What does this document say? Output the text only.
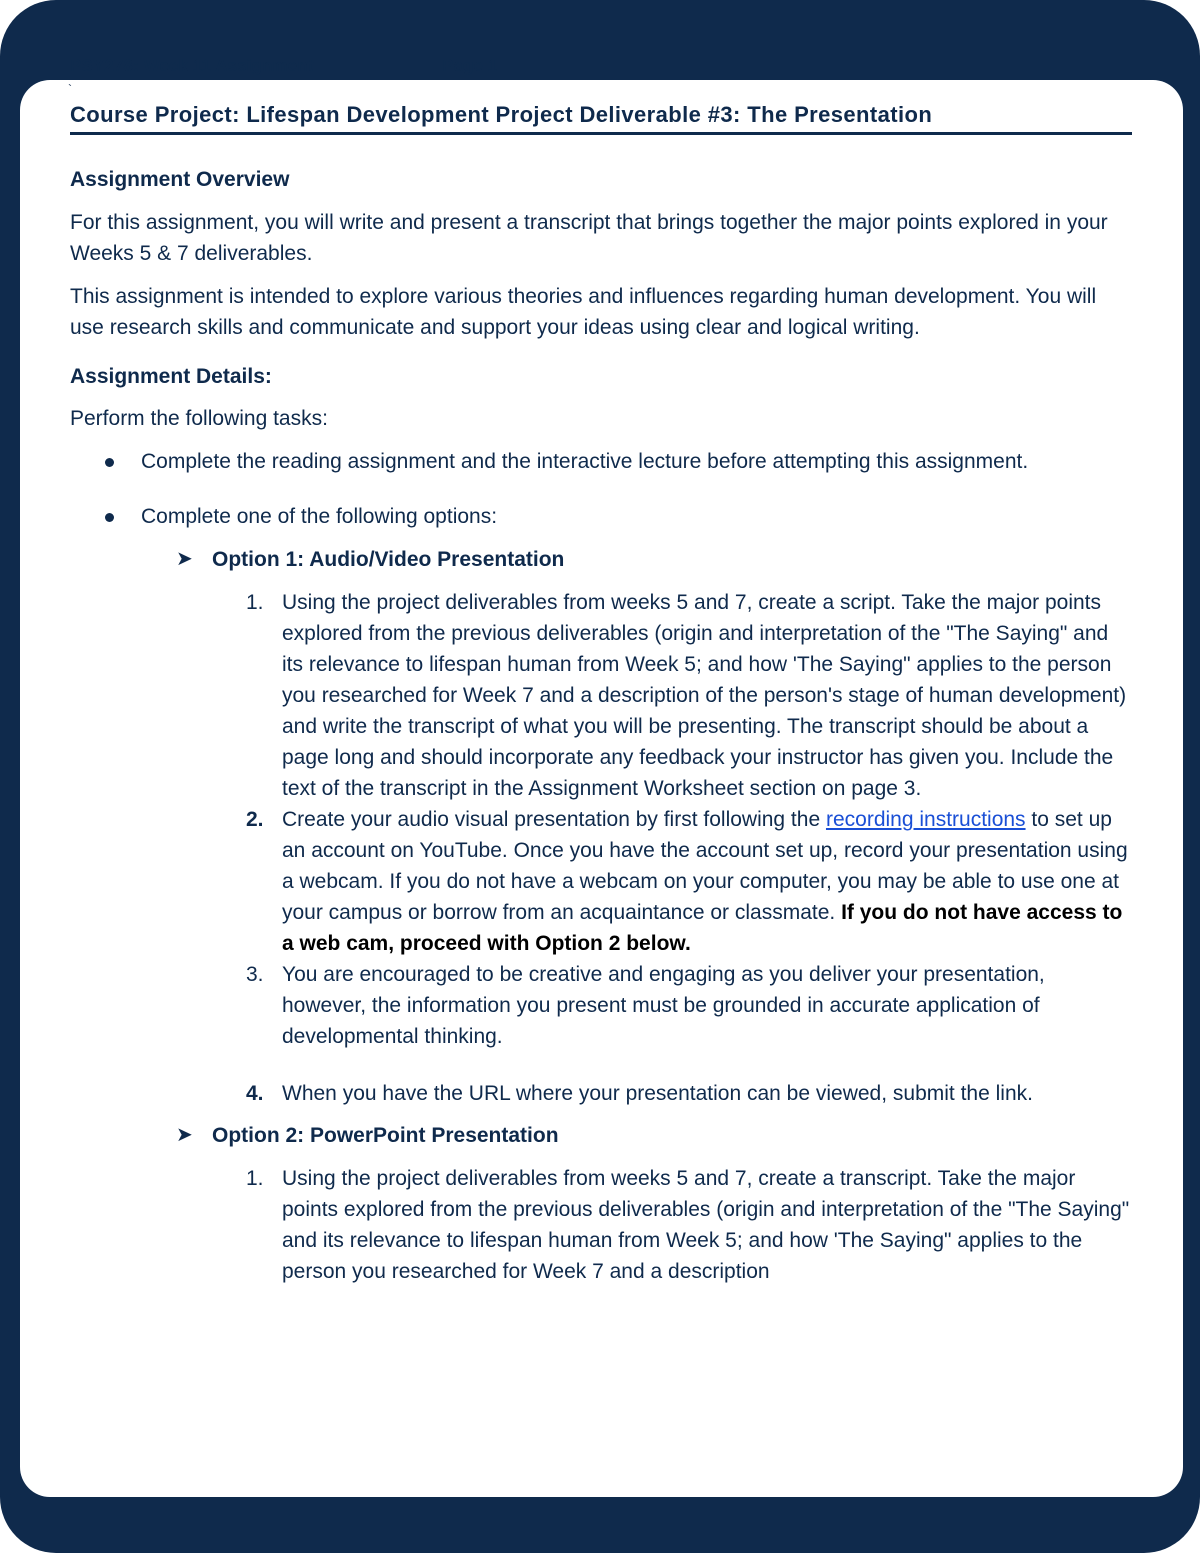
PSY278: Week 11 Assignment	Page 1
`
Course Project: Lifespan Development Project Deliverable #3: The Presentation
Assignment Overview

For this assignment, you will write and present a transcript that brings together the major points explored in your Weeks 5 & 7 deliverables.

This assignment is intended to explore various theories and influences regarding human development. You will use research skills and communicate and support your ideas using clear and logical writing.

Assignment Details:

Perform the following tasks:

Complete the reading assignment and the interactive lecture before attempting this assignment.
Complete one of the following options:
➤ Option 1: Audio/Video Presentation
1. Using the project deliverables from weeks 5 and 7, create a script. Take the major points explored from the previous deliverables (origin and interpretation of the "The Saying" and its relevance to lifespan human from Week 5; and how 'The Saying" applies to the person you researched for Week 7 and a description of the person's stage of human development) and write the transcript of what you will be presenting. The transcript should be about a page long and should incorporate any feedback your instructor has given you. Include the text of the transcript in the Assignment Worksheet section on page 3.
2. Create your audio visual presentation by first following the recording instructions to set up an account on YouTube. Once you have the account set up, record your presentation using a webcam. If you do not have a webcam on your computer, you may be able to use one at your campus or borrow from an acquaintance or classmate. If you do not have access to a web cam, proceed with Option 2 below.
3. You are encouraged to be creative and engaging as you deliver your presentation, however, the information you present must be grounded in accurate application of developmental thinking.
4. When you have the URL where your presentation can be viewed, submit the link.
➤ Option 2: PowerPoint Presentation
1. Using the project deliverables from weeks 5 and 7, create a transcript. Take the major points explored from the previous deliverables (origin and interpretation of the "The Saying" and its relevance to lifespan human from Week 5; and how 'The Saying" applies to the person you researched for Week 7 and a description
